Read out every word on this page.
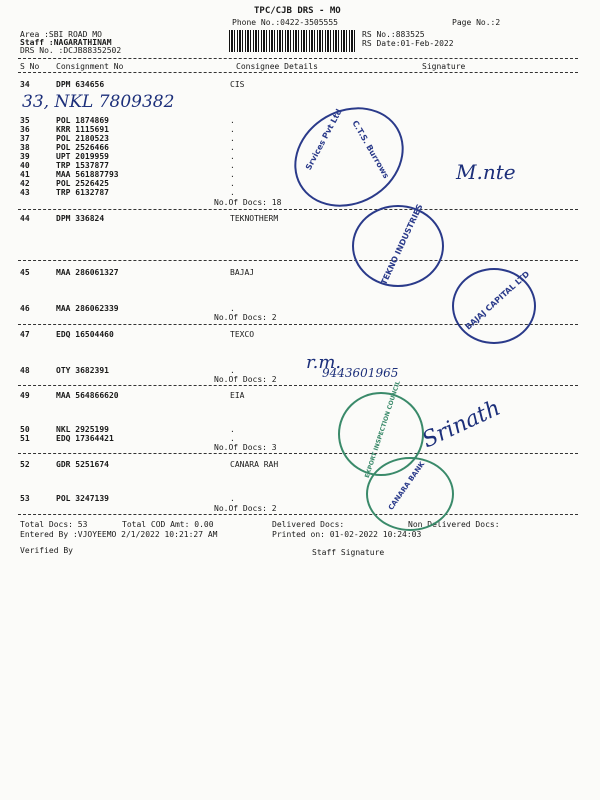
TPC/CJB DRS - MO
Phone No.:0422-3505555	Page No.:2
Area :SBI ROAD MO
Staff :NAGARATHINAM
DRS No. :DCJB88352502
RS No.:883525
RS Date:01-Feb-2022
S No Consignment No	Consignee Details	Signature
34	DPM 634656	CIS
33, NKL 7809382
35	POL 1874869	.
36	KRR 1115691	.
37	POL 2180523	.
38	POL 2526466	.
39	UPT 2019959	.
40	TRP 1537877	.
41	MAA 561887793	.
42	POL 2526425	.
43	TRP 6132787	.
No.Of Docs: 18
44	DPM 336824	TEKNOTHERM
45	MAA 286061327	BAJAJ
46	MAA 286062339	.
No.Of Docs: 2
47	EDQ 16504460	TEXCO
48	OTY 3682391	.
No.Of Docs: 2
49	MAA 564866620	EIA
50	NKL 2925199	.
51	EDQ 17364421	.
No.Of Docs: 3
52	GDR 5251674	CANARA RAH
53	POL 3247139	.
No.Of Docs: 2
Total Docs: 53	Total COD Amt: 0.00	Delivered Docs:	Non Delivered Docs:
Entered By :VJOYEEMO 2/1/2022 10:21:27 AM	Printed on: 01-02-2022 10:24:03
Verified By	Staff Signature
Srvices Pvt Ltd C.T.S. Burrows
TEKNO INDUSTRIES
BAJAJ CAPITAL LTD
EXPORT INSPECTION COUNCIL
CANARA BANK
M.nte
r.m.
9443601965
Srinath
